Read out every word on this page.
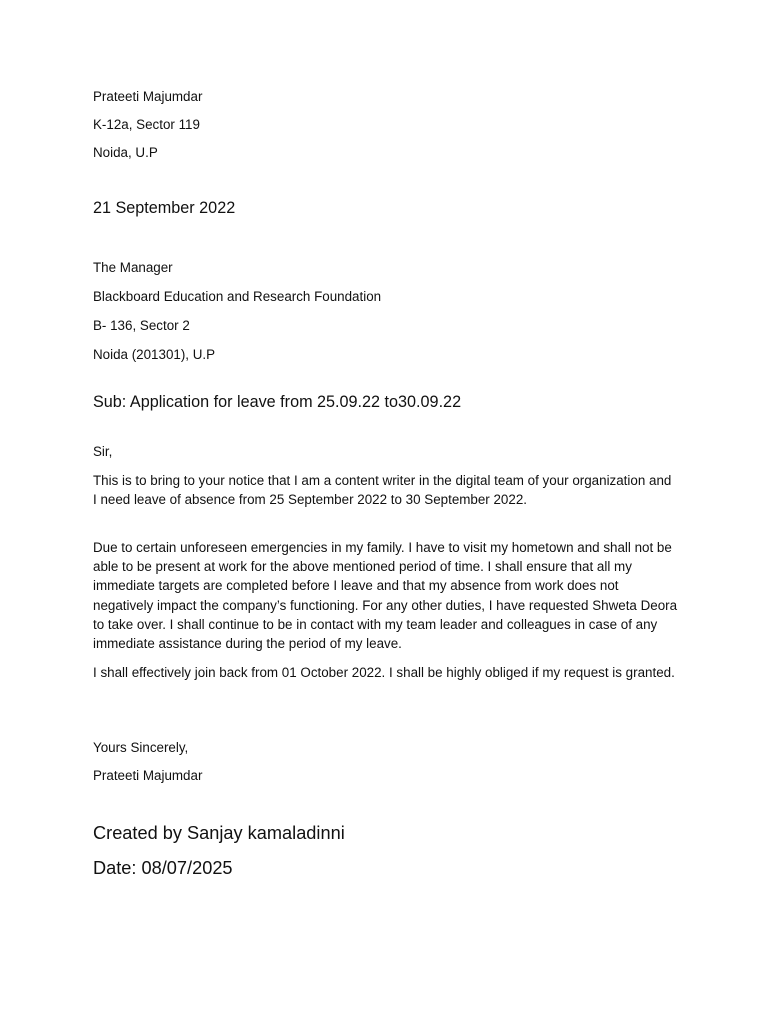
Prateeti Majumdar
K-12a, Sector 119
Noida, U.P
21 September 2022
The Manager
Blackboard Education and Research Foundation
B- 136, Sector 2
Noida (201301), U.P
Sub: Application for leave from 25.09.22 to30.09.22
Sir,
This is to bring to your notice that I am a content writer in the digital team of your organization and I need leave of absence from 25 September 2022 to 30 September 2022.
Due to certain unforeseen emergencies in my family. I have to visit my hometown and shall not be able to be present at work for the above mentioned period of time. I shall ensure that all my immediate targets are completed before I leave and that my absence from work does not negatively impact the company’s functioning. For any other duties, I have requested Shweta Deora to take over. I shall continue to be in contact with my team leader and colleagues in case of any immediate assistance during the period of my leave.
I shall effectively join back from 01 October 2022. I shall be highly obliged if my request is granted.
Yours Sincerely,
Prateeti Majumdar
Created by Sanjay kamaladinni
Date: 08/07/2025
